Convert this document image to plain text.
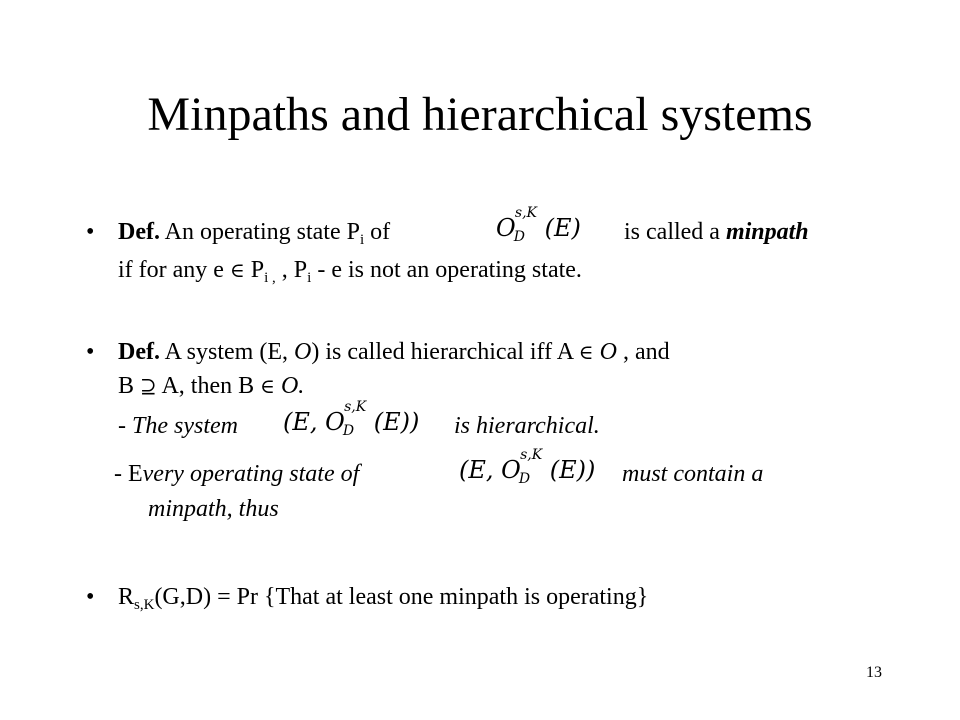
Minpaths and hierarchical systems
• Def. An operating state $P_i$ of	$O_D^{s,K}$ (E) is called a minpath
if for any e ∈ $P_{i ,}$ , $P_i$ - e is not an operating state.
• Def. A system (E, O) is called hierarchical iff A ∈ O , and
B ⊇ A, then B ∈ O.
- The system (E, $O_D^{s,K}$ (E)) is hierarchical.
- Every operating state of	(E, $O_D^{s,K}$ (E)) must contain a
minpath, thus
• $R_{s,K}(G,D) = Pr$ {That at least one minpath is operating}
13
